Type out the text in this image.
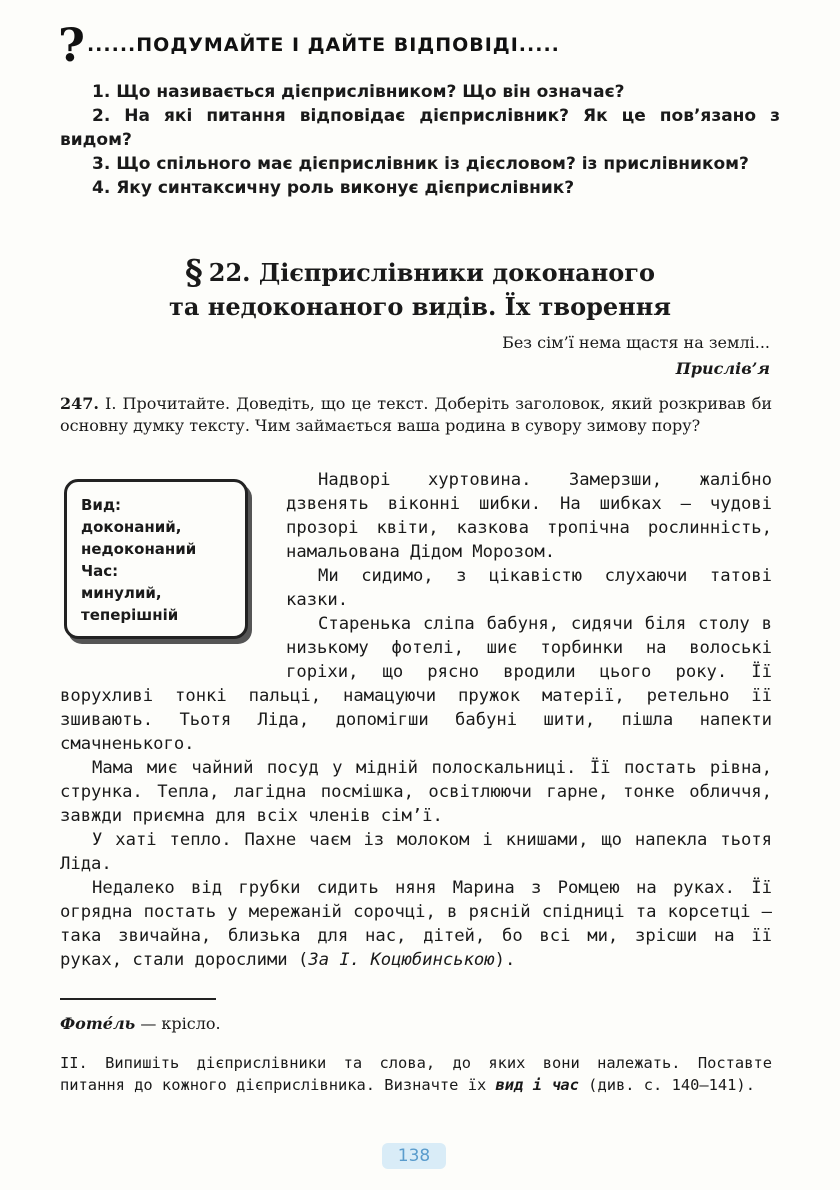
? ......ПОДУМАЙТЕ І ДАЙТЕ ВІДПОВІДІ.....

1. Що називається дієприслівником? Що він означає?

2. На які питання відповідає дієприслівник? Як це пов’язано з видом?

3. Що спільного має дієприслівник із дієсловом? із прислівником?

4. Яку синтаксичну роль виконує дієприслівник?

§ 22. Дієприслівники доконаного
та недоконаного видів. Їх творення
Без сім’ї нема щастя на землі...
Прислів’я
247. І. Прочитайте. Доведіть, що це текст. Доберіть заголовок, який розкривав би основну думку тексту. Чим займається ваша родина в сувору зимову пору?

Надворі хуртовина. Замерзши, жалібно дзвенять віконні шибки. На шибках — чудові прозорі квіти, казкова тропічна рослинність, намальована Дідом Морозом.

Ми сидимо, з цікавістю слухаючи татові казки.

Старенька сліпа бабуня, сидячи біля столу в низькому фотелі, шиє торбинки на волоські горіхи, що рясно вродили цього року. Її ворухливі тонкі пальці, намацуючи пружок матерії, ретельно її зшивають. Тьотя Ліда, допомігши бабуні шити, пішла напекти смачненького.

Мама миє чайний посуд у мідній полоскальниці. Її постать рівна, струнка. Тепла, лагідна посмішка, освітлюючи гарне, тонке обличчя, завжди приємна для всіх членів сім’ї.

У хаті тепло. Пахне чаєм із молоком і книшами, що напекла тьотя Ліда.

Недалеко від грубки сидить няня Марина з Ромцею на руках. Її огрядна постать у мережаній сорочці, в рясній спідниці та корсетці — така звичайна, близька для нас, дітей, бо всі ми, зрісши на її руках, стали дорослими (За І. Коцюбинською).

Вид:
доконаний,
недоконаний
Час:
минулий,
теперішній
Фоте́ль — крісло.
ІІ. Випишіть дієприслівники та слова, до яких вони належать. Поставте питання до кожного дієприслівника. Визначте їх вид і час (див. с. 140—141).
138
